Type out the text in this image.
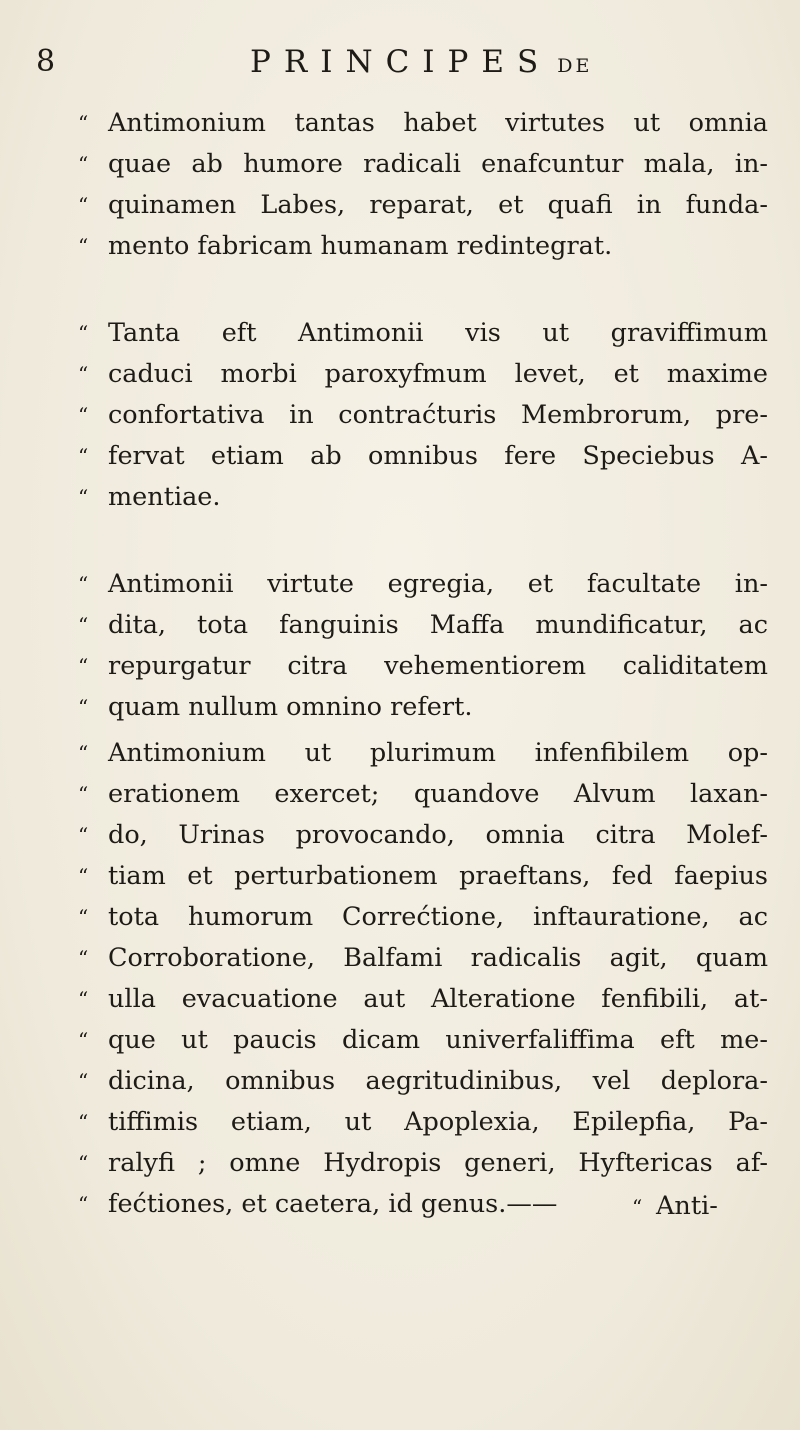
8	PRINCIPES DE
“ Antimonium tantas habet virtutes ut omnia
“ quae ab humore radicali enafcuntur mala, in-
“ quinamen Labes, reparat, et quafi in funda-
“ mento fabricam humanam redintegrat.
“ Tanta eft Antimonii vis ut graviffimum
“ caduci morbi paroxyfmum levet, et maxime
“ confortativa in contraćturis Membrorum, pre-
“ fervat etiam ab omnibus fere Speciebus A-
“ mentiae.
“ Antimonii virtute egregia, et facultate in-
“ dita, tota fanguinis Maffa mundificatur, ac
“ repurgatur citra vehementiorem caliditatem
“ quam nullum omnino refert.
“ Antimonium ut plurimum infenfibilem op-
“ erationem exercet; quandove Alvum laxan-
“ do, Urinas provocando, omnia citra Molef-
“ tiam et perturbationem praeftans, fed faepius
“ tota humorum Correćtione, inftauratione, ac
“ Corroboratione, Balfami radicalis agit, quam
“ ulla evacuatione aut Alteratione fenfibili, at-
“ que ut paucis dicam univerfaliffima eft me-
“ dicina, omnibus aegritudinibus, vel deplora-
“ tiffimis etiam, ut Apoplexia, Epilepfia, Pa-
“ ralyfi ; omne Hydropis generi, Hyftericas af-
“ fećtiones, et caetera, id genus.——	“ Anti-
